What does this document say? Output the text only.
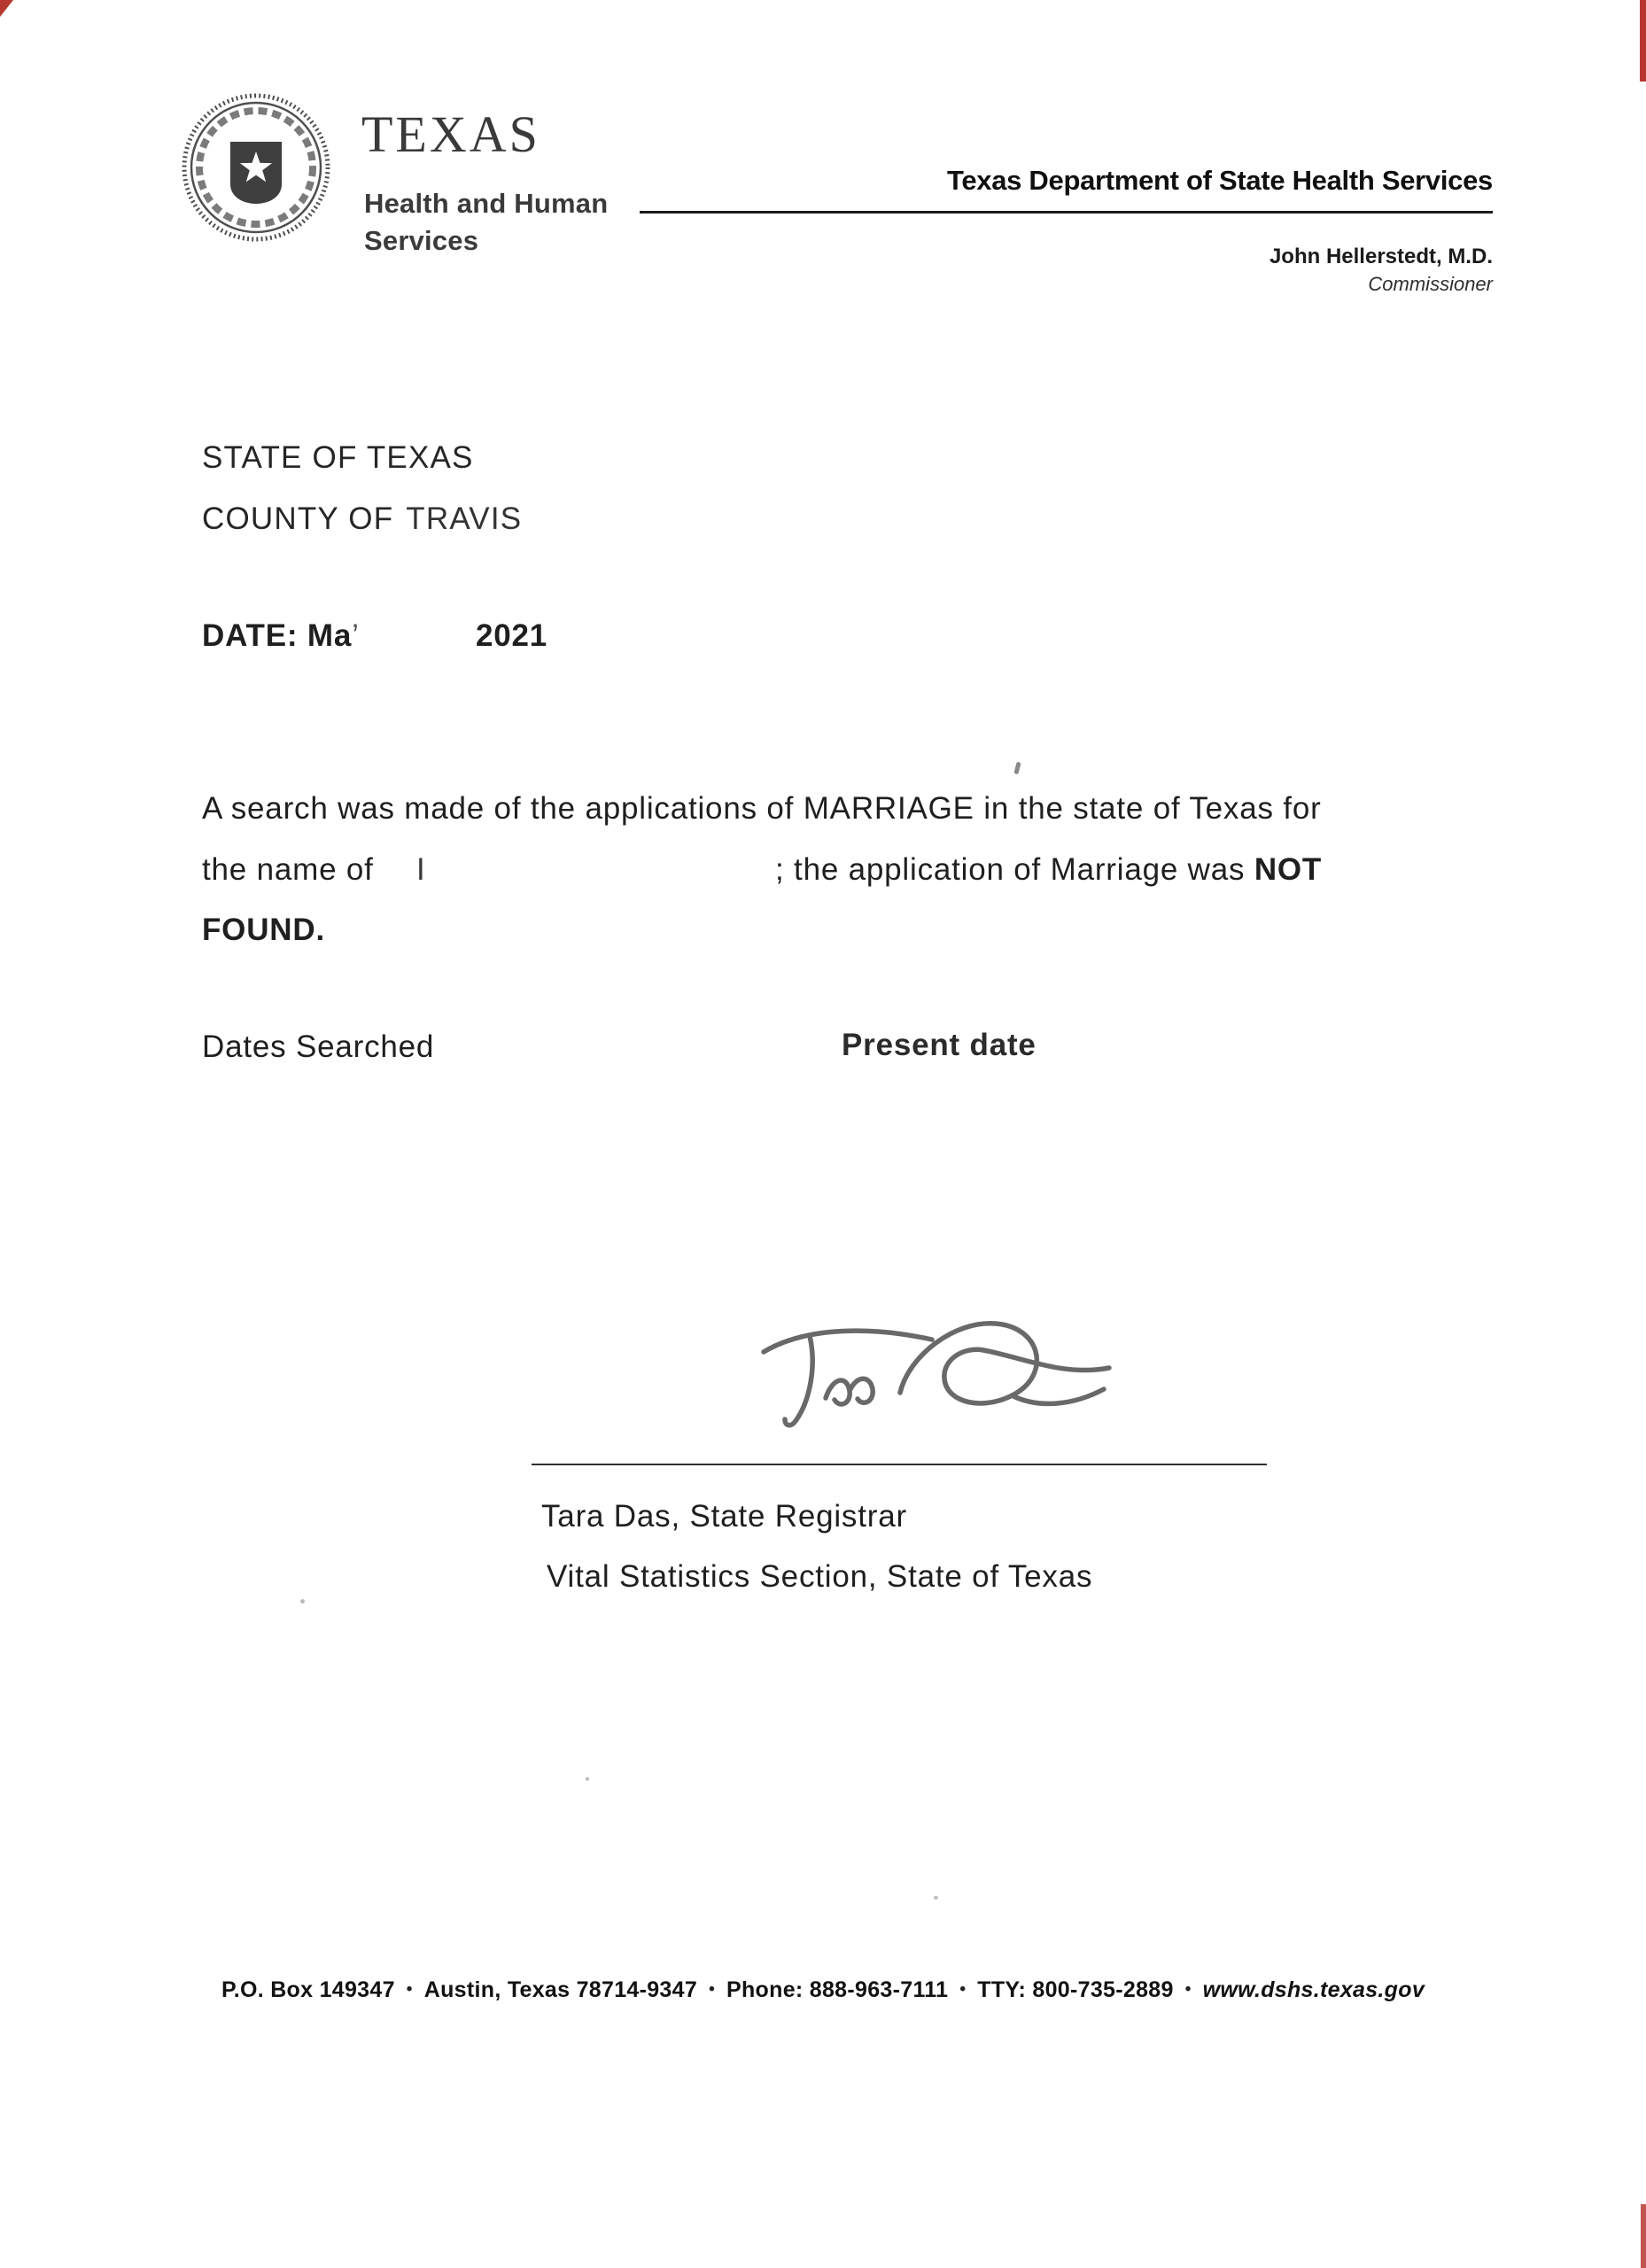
TEXAS
Health and Human
Services
Texas Department of State Health Services
John Hellerstedt, M.D.
Commissioner
STATE OF TEXAS
COUNTY OF TRAVIS
DATE: Ma’	2021
A search was made of the applications of MARRIAGE in the state of Texas for
the name of I	; the application of Marriage was NOT
FOUND.
Dates Searched	Present date
Tara Das, State Registrar
Vital Statistics Section, State of Texas
P.O. Box 149347 • Austin, Texas 78714-9347 • Phone: 888-963-7111 • TTY: 800-735-2889 • www.dshs.texas.gov
